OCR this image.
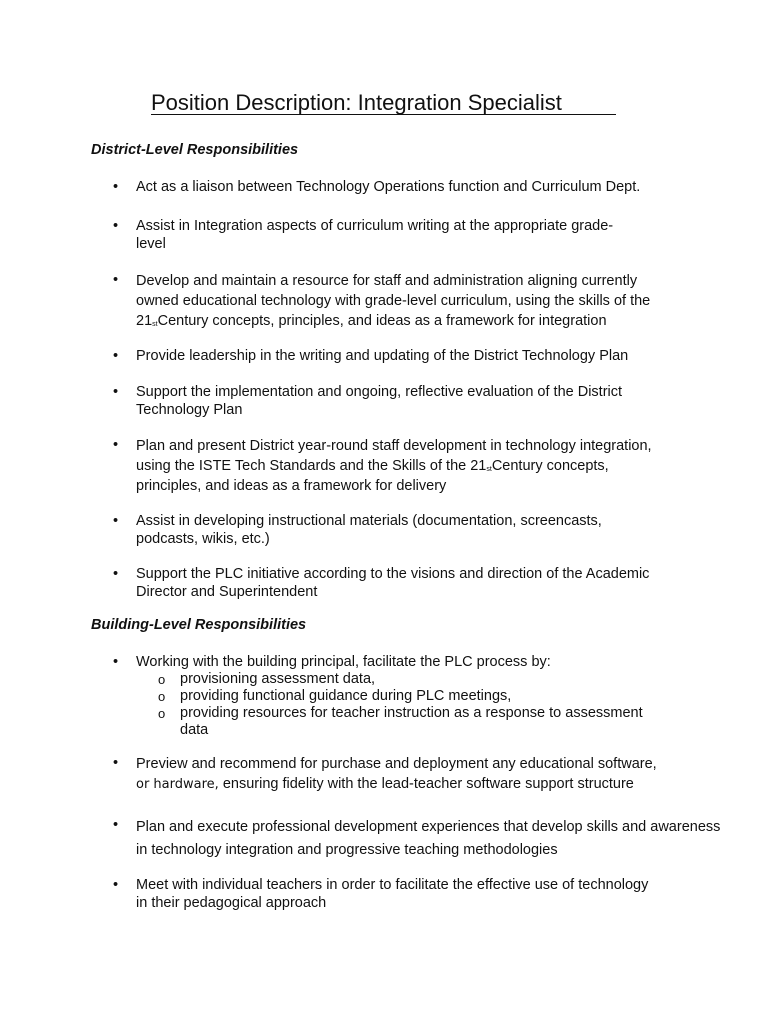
Position Description: Integration Specialist
District-Level Responsibilities
• Act as a liaison between Technology Operations function and Curriculum Dept.
• Assist in Integration aspects of curriculum writing at the appropriate grade-
level
• Develop and maintain a resource for staff and administration aligning currently
owned educational technology with grade-level curriculum, using the skills of the
$21_{st}Century$ concepts, principles, and ideas as a framework for integration
• Provide leadership in the writing and updating of the District Technology Plan
• Support the implementation and ongoing, reflective evaluation of the District
Technology Plan
• Plan and present District year-round staff development in technology integration,
using the ISTE Tech Standards and the Skills of the $21_{st}Century$ concepts,
principles, and ideas as a framework for delivery
• Assist in developing instructional materials (documentation, screencasts,
podcasts, wikis, etc.)
• Support the PLC initiative according to the visions and direction of the Academic
Director and Superintendent
Building-Level Responsibilities
• Working with the building principal, facilitate the PLC process by:
o provisioning assessment data,
o providing functional guidance during PLC meetings,
o providing resources for teacher instruction as a response to assessment
data
• Preview and recommend for purchase and deployment any educational software,
or hardware, ensuring fidelity with the lead-teacher software support structure
• Plan and execute professional development experiences that develop skills and awareness
in technology integration and progressive teaching methodologies
• Meet with individual teachers in order to facilitate the effective use of technology
in their pedagogical approach
